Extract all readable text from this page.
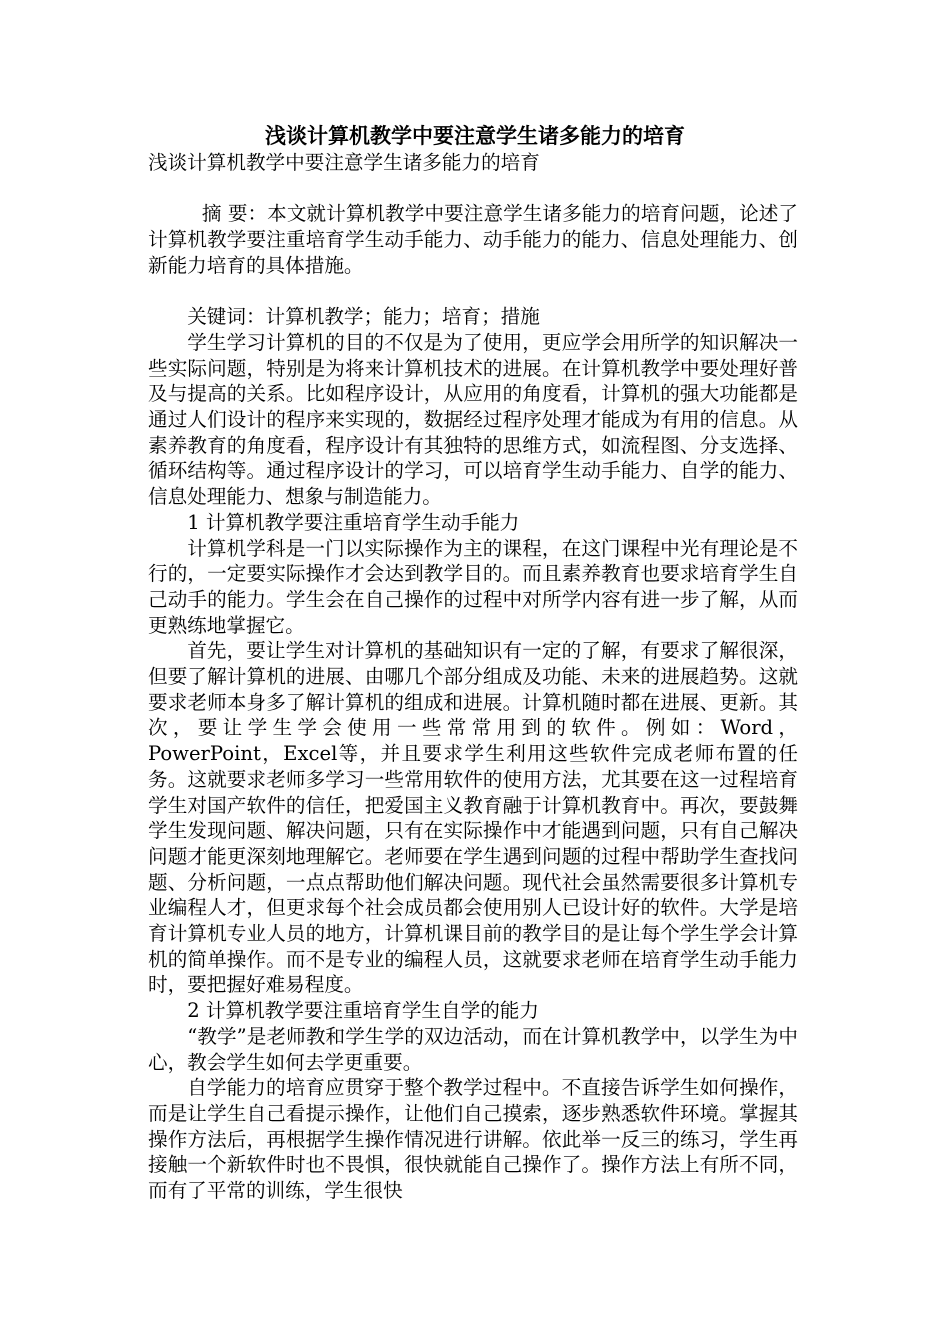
浅谈计算机教学中要注意学生诸多能力的培育

浅谈计算机教学中要注意学生诸多能力的培育

摘 要：本文就计算机教学中要注意学生诸多能力的培育问题，论述了计算机教学要注重培育学生动手能力、动手能力的能力、信息处理能力、创新能力培育的具体措施。

关键词：计算机教学；能力；培育；措施

学生学习计算机的目的不仅是为了使用，更应学会用所学的知识解决一些实际问题，特别是为将来计算机技术的进展。在计算机教学中要处理好普及与提高的关系。比如程序设计，从应用的角度看，计算机的强大功能都是通过人们设计的程序来实现的，数据经过程序处理才能成为有用的信息。从素养教育的角度看，程序设计有其独特的思维方式，如流程图、分支选择、循环结构等。通过程序设计的学习，可以培育学生动手能力、自学的能力、信息处理能力、想象与制造能力。

1 计算机教学要注重培育学生动手能力

计算机学科是一门以实际操作为主的课程，在这门课程中光有理论是不行的，一定要实际操作才会达到教学目的。而且素养教育也要求培育学生自己动手的能力。学生会在自己操作的过程中对所学内容有进一步了解，从而更熟练地掌握它。

首先，要让学生对计算机的基础知识有一定的了解，有要求了解很深，但要了解计算机的进展、由哪几个部分组成及功能、未来的进展趋势。这就要求老师本身多了解计算机的组成和进展。计算机随时都在进展、更新。其次，要让学生学会使用一些常常用到的软件。例如：Word，PowerPoint，Excel等，并且要求学生利用这些软件完成老师布置的任务。这就要求老师多学习一些常用软件的使用方法，尤其要在这一过程培育学生对国产软件的信任，把爱国主义教育融于计算机教育中。再次，要鼓舞学生发现问题、解决问题，只有在实际操作中才能遇到问题，只有自己解决问题才能更深刻地理解它。老师要在学生遇到问题的过程中帮助学生查找问题、分析问题，一点点帮助他们解决问题。现代社会虽然需要很多计算机专业编程人才，但更求每个社会成员都会使用别人已设计好的软件。大学是培育计算机专业人员的地方，计算机课目前的教学目的是让每个学生学会计算机的简单操作。而不是专业的编程人员，这就要求老师在培育学生动手能力时，要把握好难易程度。

2 计算机教学要注重培育学生自学的能力

“教学”是老师教和学生学的双边活动，而在计算机教学中，以学生为中心，教会学生如何去学更重要。

自学能力的培育应贯穿于整个教学过程中。不直接告诉学生如何操作，而是让学生自己看提示操作，让他们自己摸索，逐步熟悉软件环境。掌握其操作方法后，再根据学生操作情况进行讲解。依此举一反三的练习，学生再接触一个新软件时也不畏惧，很快就能自己操作了。操作方法上有所不同，而有了平常的训练，学生很快
